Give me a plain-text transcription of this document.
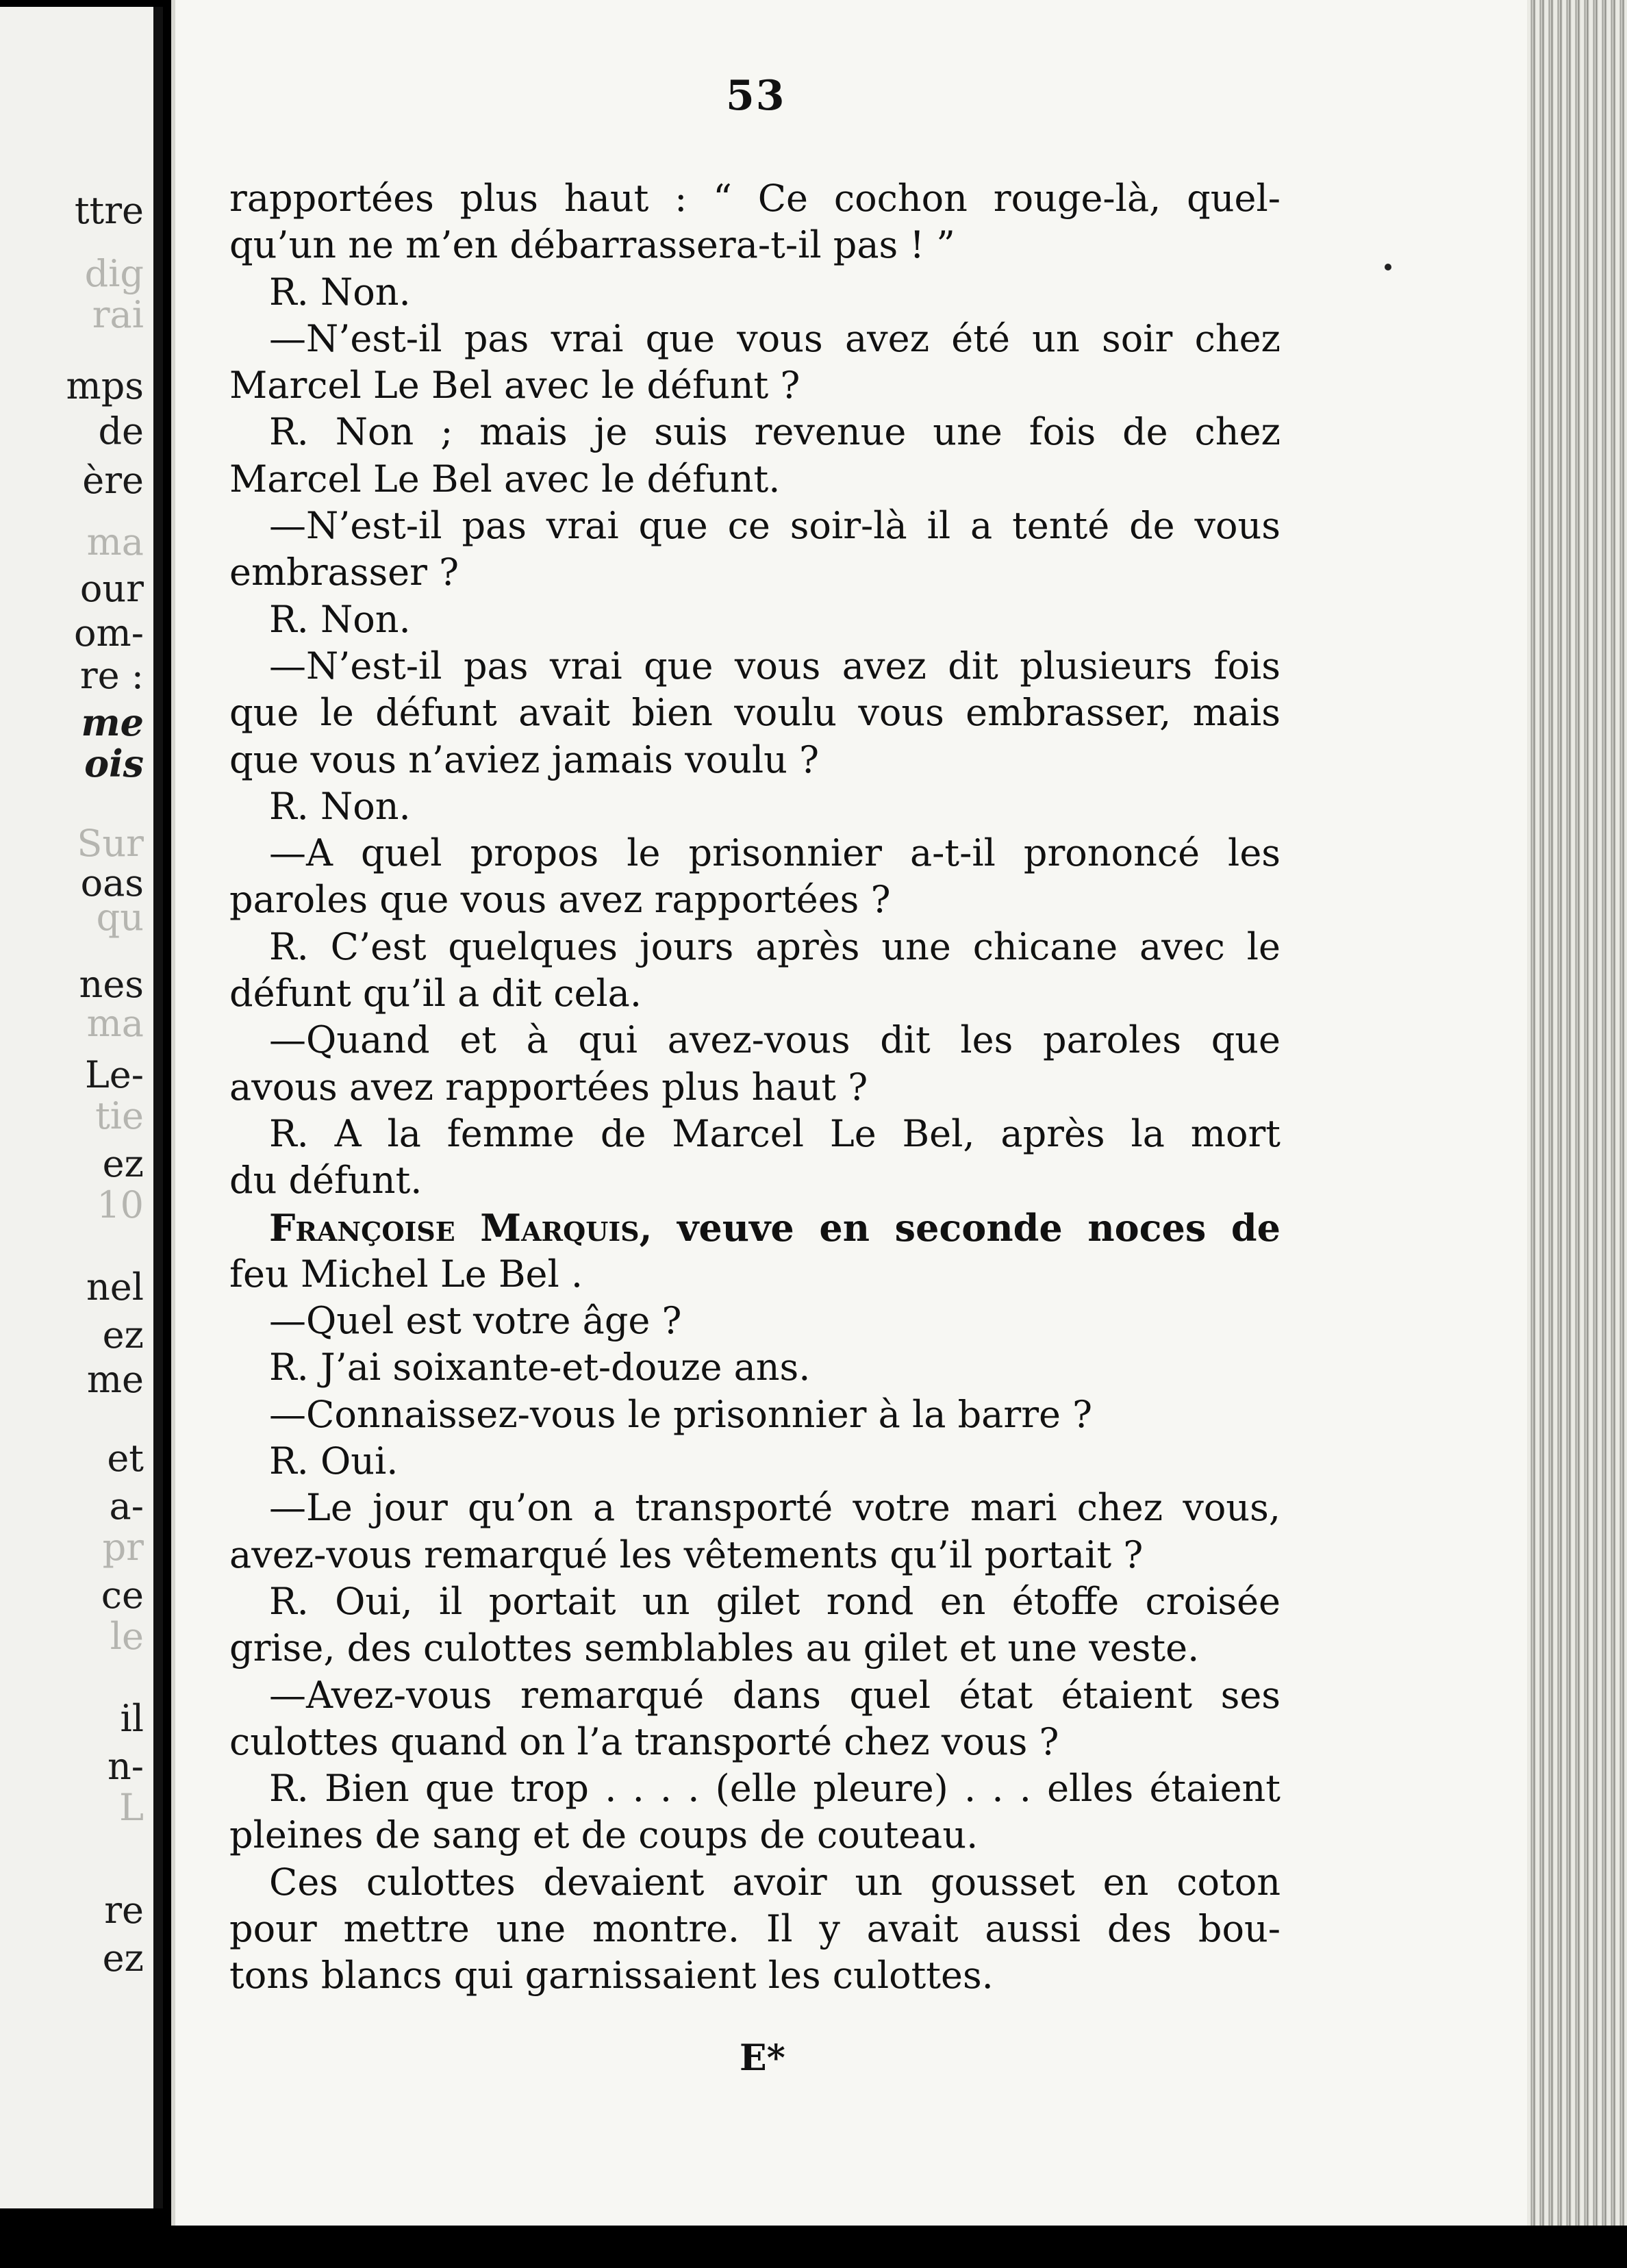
ttre
dig
rai
mps
de
ère
ma
our
om-
re :
me
ois
Sur
oas
qu
nes
ma
Le-
tie
ez
10
nel
ez
me
et
a-
pr
ce
le
il
n-
L
re
ez
53
rapportées plus haut : “ Ce cochon rouge-là, quel-
qu’un ne m’en débarrassera-t-il pas ! ”
R. Non.
—N’est-il pas vrai que vous avez été un soir chez
Marcel Le Bel avec le défunt ?
R. Non ; mais je suis revenue une fois de chez
Marcel Le Bel avec le défunt.
—N’est-il pas vrai que ce soir-là il a tenté de vous
embrasser ?
R. Non.
—N’est-il pas vrai que vous avez dit plusieurs fois
que le défunt avait bien voulu vous embrasser, mais
que vous n’aviez jamais voulu ?
R. Non.
—A quel propos le prisonnier a-t-il prononcé les
paroles que vous avez rapportées ?
R. C’est quelques jours après une chicane avec le
défunt qu’il a dit cela.
—Quand et à qui avez-vous dit les paroles que
avous avez rapportées plus haut ?
R. A la femme de Marcel Le Bel, après la mort
du défunt.
Françoise Marquis, veuve en seconde noces de
feu Michel Le Bel .
—Quel est votre âge ?
R. J’ai soixante-et-douze ans.
—Connaissez-vous le prisonnier à la barre ?
R. Oui.
—Le jour qu’on a transporté votre mari chez vous,
avez-vous remarqué les vêtements qu’il portait ?
R. Oui, il portait un gilet rond en étoffe croisée
grise, des culottes semblables au gilet et une veste.
—Avez-vous remarqué dans quel état étaient ses
culottes quand on l’a transporté chez vous ?
R. Bien que trop . . . . (elle pleure) . . . elles étaient
pleines de sang et de coups de couteau.
Ces culottes devaient avoir un gousset en coton
pour mettre une montre. Il y avait aussi des bou-
tons blancs qui garnissaient les culottes.
E*
